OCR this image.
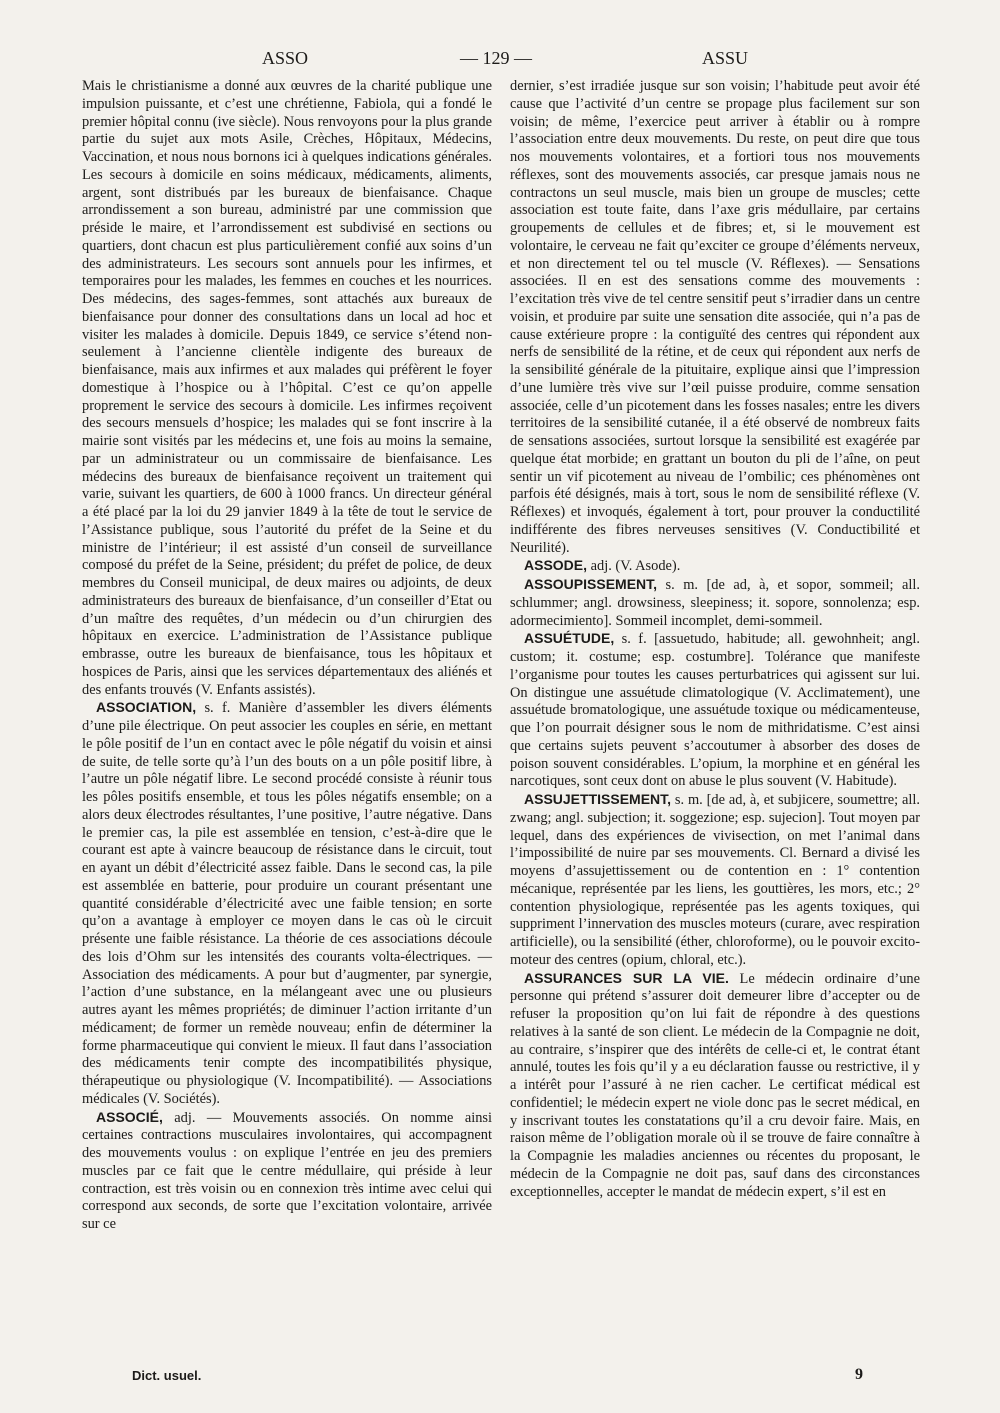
ASSO	— 129 —	ASSU

Mais le christianisme a donné aux œuvres de la charité publique une impulsion puissante, et c’est une chrétienne, Fabiola, qui a fondé le premier hôpital connu (ive siècle). Nous renvoyons pour la plus grande partie du sujet aux mots Asile, Crèches, Hôpitaux, Médecins, Vaccination, et nous nous bornons ici à quelques indications générales. Les secours à domicile en soins médicaux, médicaments, aliments, argent, sont distribués par les bureaux de bienfaisance. Chaque arrondissement a son bureau, administré par une commission que préside le maire, et l’arrondissement est subdivisé en sections ou quartiers, dont chacun est plus particulièrement confié aux soins d’un des administrateurs. Les secours sont annuels pour les infirmes, et temporaires pour les malades, les femmes en couches et les nourrices. Des médecins, des sages-femmes, sont attachés aux bureaux de bienfaisance pour donner des consultations dans un local ad hoc et visiter les malades à domicile. Depuis 1849, ce service s’étend non-seulement à l’ancienne clientèle indigente des bureaux de bienfaisance, mais aux infirmes et aux malades qui préfèrent le foyer domestique à l’hospice ou à l’hôpital. C’est ce qu’on appelle proprement le service des secours à domicile. Les infirmes reçoivent des secours mensuels d’hospice; les malades qui se font inscrire à la mairie sont visités par les médecins et, une fois au moins la semaine, par un administrateur ou un commissaire de bienfaisance. Les médecins des bureaux de bienfaisance reçoivent un traitement qui varie, suivant les quartiers, de 600 à 1000 francs. Un directeur général a été placé par la loi du 29 janvier 1849 à la tête de tout le service de l’Assistance publique, sous l’autorité du préfet de la Seine et du ministre de l’intérieur; il est assisté d’un conseil de surveillance composé du préfet de la Seine, président; du préfet de police, de deux membres du Conseil municipal, de deux maires ou adjoints, de deux administrateurs des bureaux de bienfaisance, d’un conseiller d’Etat ou d’un maître des requêtes, d’un médecin ou d’un chirurgien des hôpitaux en exercice. L’administration de l’Assistance publique embrasse, outre les bureaux de bienfaisance, tous les hôpitaux et hospices de Paris, ainsi que les services départementaux des aliénés et des enfants trouvés (V. Enfants assistés).

ASSOCIATION, s. f. Manière d’assembler les divers éléments d’une pile électrique. On peut associer les couples en série, en mettant le pôle positif de l’un en contact avec le pôle négatif du voisin et ainsi de suite, de telle sorte qu’à l’un des bouts on a un pôle positif libre, à l’autre un pôle négatif libre. Le second procédé consiste à réunir tous les pôles positifs ensemble, et tous les pôles négatifs ensemble; on a alors deux électrodes résultantes, l’une positive, l’autre négative. Dans le premier cas, la pile est assemblée en tension, c’est-à-dire que le courant est apte à vaincre beaucoup de résistance dans le circuit, tout en ayant un débit d’électricité assez faible. Dans le second cas, la pile est assemblée en batterie, pour produire un courant présentant une quantité considérable d’électricité avec une faible tension; en sorte qu’on a avantage à employer ce moyen dans le cas où le circuit présente une faible résistance. La théorie de ces associations découle des lois d’Ohm sur les intensités des courants volta-électriques. — Association des médicaments. A pour but d’augmenter, par synergie, l’action d’une substance, en la mélangeant avec une ou plusieurs autres ayant les mêmes propriétés; de diminuer l’action irritante d’un médicament; de former un remède nouveau; enfin de déterminer la forme pharmaceutique qui convient le mieux. Il faut dans l’association des médicaments tenir compte des incompatibilités physique, thérapeutique ou physiologique (V. Incompatibilité). — Associations médicales (V. Sociétés).

ASSOCIÉ, adj. — Mouvements associés. On nomme ainsi certaines contractions musculaires involontaires, qui accompagnent des mouvements voulus : on explique l’entrée en jeu des premiers muscles par ce fait que le centre médullaire, qui préside à leur contraction, est très voisin ou en connexion très intime avec celui qui correspond aux seconds, de sorte que l’excitation volontaire, arrivée sur ce

dernier, s’est irradiée jusque sur son voisin; l’habitude peut avoir été cause que l’activité d’un centre se propage plus facilement sur son voisin; de même, l’exercice peut arriver à établir ou à rompre l’association entre deux mouvements. Du reste, on peut dire que tous nos mouvements volontaires, et a fortiori tous nos mouvements réflexes, sont des mouvements associés, car presque jamais nous ne contractons un seul muscle, mais bien un groupe de muscles; cette association est toute faite, dans l’axe gris médullaire, par certains groupements de cellules et de fibres; et, si le mouvement est volontaire, le cerveau ne fait qu’exciter ce groupe d’éléments nerveux, et non directement tel ou tel muscle (V. Réflexes). — Sensations associées. Il en est des sensations comme des mouvements : l’excitation très vive de tel centre sensitif peut s’irradier dans un centre voisin, et produire par suite une sensation dite associée, qui n’a pas de cause extérieure propre : la contiguïté des centres qui répondent aux nerfs de sensibilité de la rétine, et de ceux qui répondent aux nerfs de la sensibilité générale de la pituitaire, explique ainsi que l’impression d’une lumière très vive sur l’œil puisse produire, comme sensation associée, celle d’un picotement dans les fosses nasales; entre les divers territoires de la sensibilité cutanée, il a été observé de nombreux faits de sensations associées, surtout lorsque la sensibilité est exagérée par quelque état morbide; en grattant un bouton du pli de l’aîne, on peut sentir un vif picotement au niveau de l’ombilic; ces phénomènes ont parfois été désignés, mais à tort, sous le nom de sensibilité réflexe (V. Réflexes) et invoqués, également à tort, pour prouver la conductilité indifférente des fibres nerveuses sensitives (V. Conductibilité et Neurilité).

ASSODE, adj. (V. Asode).

ASSOUPISSEMENT, s. m. [de ad, à, et sopor, sommeil; all. schlummer; angl. drowsiness, sleepiness; it. sopore, sonnolenza; esp. adormecimiento]. Sommeil incomplet, demi-sommeil.

ASSUÉTUDE, s. f. [assuetudo, habitude; all. gewohnheit; angl. custom; it. costume; esp. costumbre]. Tolérance que manifeste l’organisme pour toutes les causes perturbatrices qui agissent sur lui. On distingue une assuétude climatologique (V. Acclimatement), une assuétude bromatologique, une assuétude toxique ou médicamenteuse, que l’on pourrait désigner sous le nom de mithridatisme. C’est ainsi que certains sujets peuvent s’accoutumer à absorber des doses de poison souvent considérables. L’opium, la morphine et en général les narcotiques, sont ceux dont on abuse le plus souvent (V. Habitude).

ASSUJETTISSEMENT, s. m. [de ad, à, et subjicere, soumettre; all. zwang; angl. subjection; it. soggezione; esp. sujecion]. Tout moyen par lequel, dans des expériences de vivisection, on met l’animal dans l’impossibilité de nuire par ses mouvements. Cl. Bernard a divisé les moyens d’assujettissement ou de contention en : 1° contention mécanique, représentée par les liens, les gouttières, les mors, etc.; 2° contention physiologique, représentée pas les agents toxiques, qui suppriment l’innervation des muscles moteurs (curare, avec respiration artificielle), ou la sensibilité (éther, chloroforme), ou le pouvoir excito-moteur des centres (opium, chloral, etc.).

ASSURANCES SUR LA VIE. Le médecin ordinaire d’une personne qui prétend s’assurer doit demeurer libre d’accepter ou de refuser la proposition qu’on lui fait de répondre à des questions relatives à la santé de son client. Le médecin de la Compagnie ne doit, au contraire, s’inspirer que des intérêts de celle-ci et, le contrat étant annulé, toutes les fois qu’il y a eu déclaration fausse ou restrictive, il y a intérêt pour l’assuré à ne rien cacher. Le certificat médical est confidentiel; le médecin expert ne viole donc pas le secret médical, en y inscrivant toutes les constatations qu’il a cru devoir faire. Mais, en raison même de l’obligation morale où il se trouve de faire connaître à la Compagnie les maladies anciennes ou récentes du proposant, le médecin de la Compagnie ne doit pas, sauf dans des circonstances exceptionnelles, accepter le mandat de médecin expert, s’il est en

Dict. usuel.	9
